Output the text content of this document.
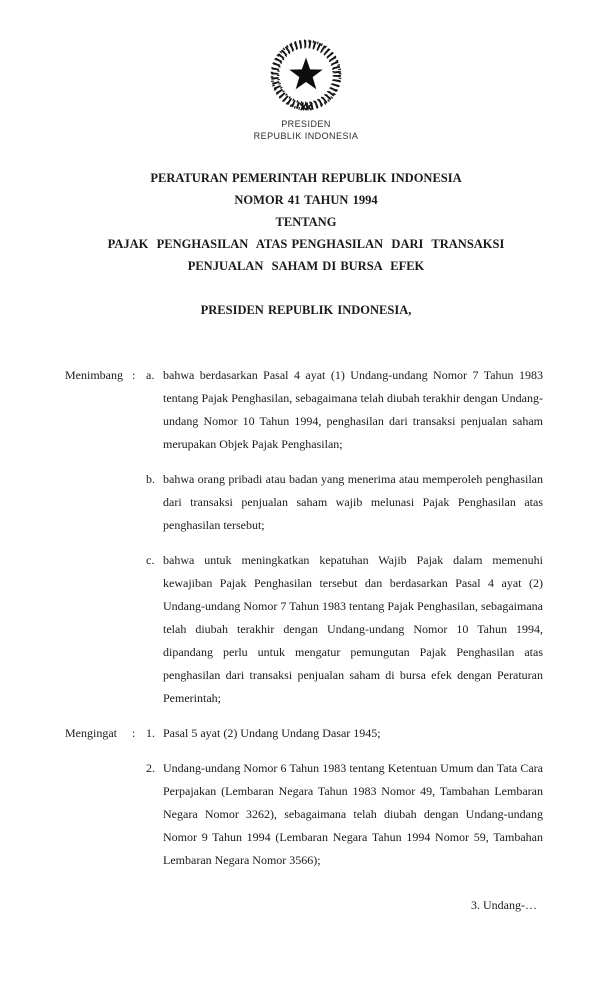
PRESIDEN
REPUBLIK INDONESIA
PERATURAN PEMERINTAH REPUBLIK INDONESIA
NOMOR 41 TAHUN 1994
TENTANG
PAJAK  PENGHASILAN  ATAS PENGHASILAN  DARI  TRANSAKSI
PENJUALAN  SAHAM DI BURSA  EFEK
PRESIDEN REPUBLIK INDONESIA,
Menimbang : a. bahwa berdasarkan Pasal 4 ayat (1) Undang-undang Nomor 7 Tahun 1983 tentang Pajak Penghasilan, sebagaimana telah diubah terakhir dengan Undang-undang Nomor 10 Tahun 1994, penghasilan dari transaksi penjualan saham merupakan Objek Pajak Penghasilan;
b. bahwa orang pribadi atau badan yang menerima atau memperoleh penghasilan dari transaksi penjualan saham wajib melunasi Pajak Penghasilan atas penghasilan tersebut;
c. bahwa untuk meningkatkan kepatuhan Wajib Pajak dalam memenuhi kewajiban Pajak Penghasilan tersebut dan berdasarkan Pasal 4 ayat (2) Undang-undang Nomor 7 Tahun 1983 tentang Pajak Penghasilan, sebagaimana telah diubah terakhir dengan Undang-undang Nomor 10 Tahun 1994, dipandang perlu untuk mengatur pemungutan Pajak Penghasilan atas penghasilan dari transaksi penjualan saham di bursa efek dengan Peraturan Pemerintah;
Mengingat	: 1. Pasal 5 ayat (2) Undang Undang Dasar 1945;
2. Undang-undang Nomor 6 Tahun 1983 tentang Ketentuan Umum dan Tata Cara Perpajakan (Lembaran Negara Tahun 1983 Nomor 49, Tambahan Lembaran Negara Nomor 3262), sebagaimana telah diubah dengan Undang-undang Nomor 9 Tahun 1994 (Lembaran Negara Tahun 1994 Nomor 59, Tambahan Lembaran Negara Nomor 3566);
3. Undang-…
